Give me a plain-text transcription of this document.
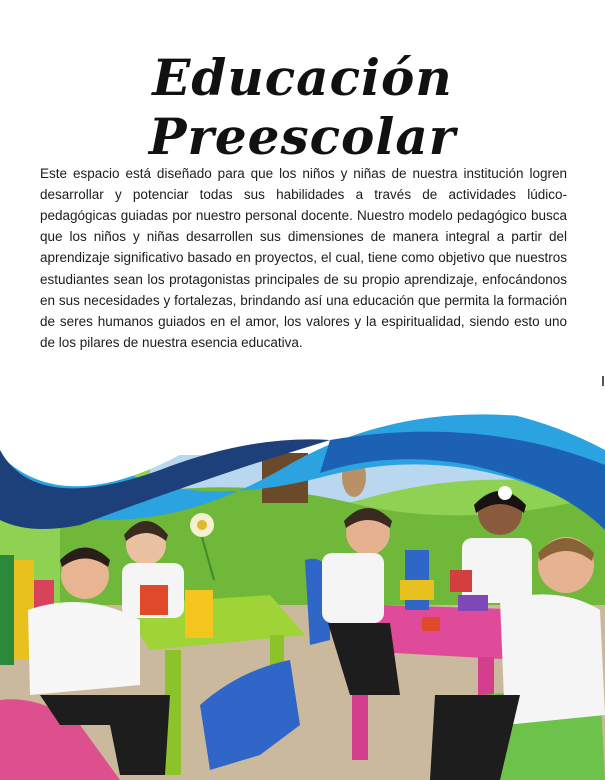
Educación Preescolar

Este espacio está diseñado para que los niños y niñas de nuestra institución logren desarrollar y potenciar todas sus habilidades a través de actividades lúdico-pedagógicas guiadas por nuestro personal docente. Nuestro modelo pedagógico busca que los niños y niñas desarrollen sus dimensiones de manera integral a partir del aprendizaje significativo basado en proyectos, el cual, tiene como objetivo que nuestros estudiantes sean los protagonistas principales de su propio aprendizaje, enfocándonos en sus necesidades y fortalezas, brindando así una educación que permita la formación de seres humanos guiados en el amor, los valores y la espiritualidad, siendo esto uno de los pilares de nuestra esencia educativa.
